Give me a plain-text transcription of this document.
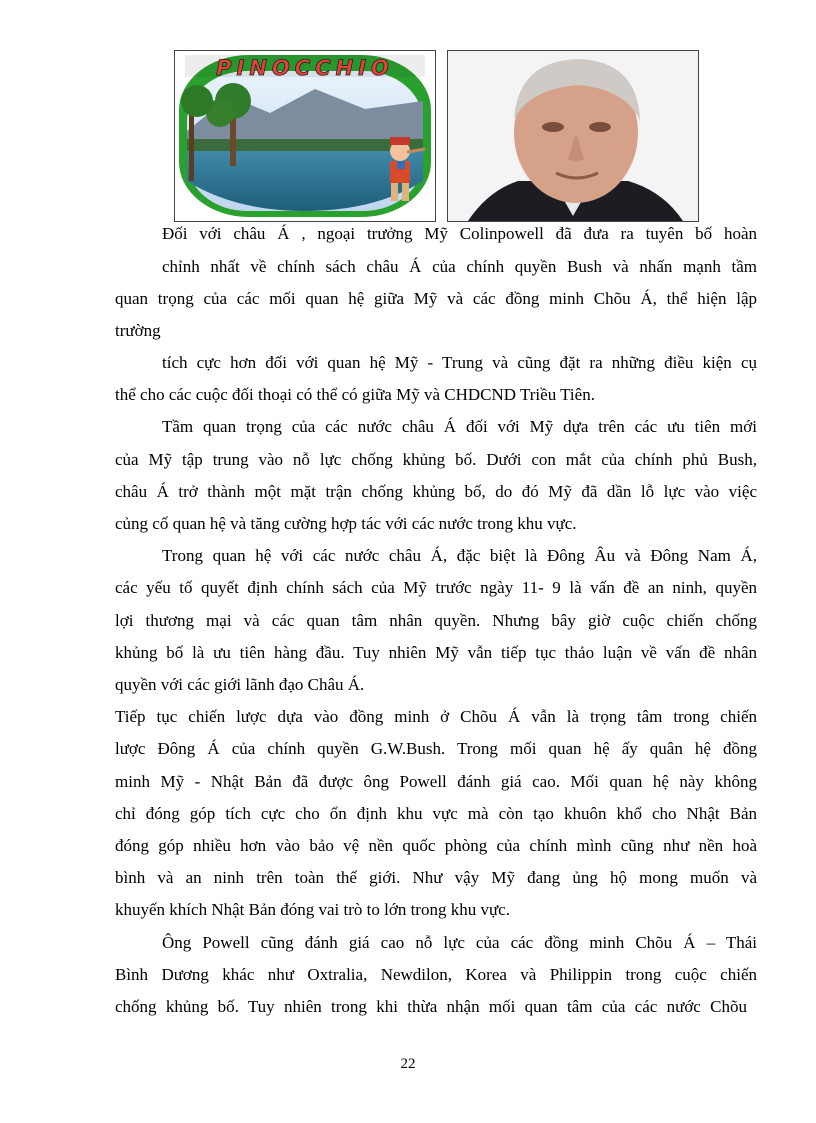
PINOCCHIO

Đối với châu Á , ngoại trưởng Mỹ Colinpowell đã đưa ra tuyên bố hoàn

chỉnh nhất về chính sách châu Á của chính quyền Bush và nhấn mạnh tầm

quan trọng của các mối quan hệ giữa Mỹ và các đồng minh Chõu Á, thể hiện lập

trường

tích cực hơn đối với quan hệ Mỹ - Trung và cũng đặt ra những điều kiện cụ

thể cho các cuộc đối thoại có thể có giữa Mỹ và CHDCND Triều Tiên.

Tầm quan trọng của các nước châu Á đối với Mỹ dựa trên các ưu tiên mới

của Mỹ tập trung vào nỗ lực chống khủng bố. Dưới con mắt của chính phủ Bush,

châu Á trở thành một mặt trận chống khủng bố, do đó Mỹ đã dần lỗ lực vào việc

củng cố quan hệ và tăng cường hợp tác với các nước trong khu vực.

Trong quan hệ với các nước châu Á, đặc biệt là Đông Âu và Đông Nam Á,

các yếu tố quyết định chính sách của Mỹ trước ngày 11- 9 là vấn đề an ninh, quyền

lợi thương mại và các quan tâm nhân quyền. Nhưng bây giờ cuộc chiến chống

khủng bố là ưu tiên hàng đầu. Tuy nhiên Mỹ vẫn tiếp tục thảo luận về vấn đề nhân

quyền với các giới lãnh đạo Châu Á.

Tiếp tục chiến lược dựa vào đồng minh ở Chõu Á vẫn là trọng tâm trong chiến

lược Đông Á của chính quyền G.W.Bush. Trong mối quan hệ ấy quân hệ đồng

minh Mỹ - Nhật Bản đã được ông Powell đánh giá cao. Mối quan hệ này không

chỉ đóng góp tích cực cho ổn định khu vực mà còn tạo khuôn khổ cho Nhật Bản

đóng góp nhiều hơn vào bảo vệ nền quốc phòng của chính mình cũng như nền hoà

bình và an ninh trên toàn thế giới. Như vậy Mỹ đang ủng hộ mong muốn và

khuyến khích Nhật Bản đóng vai trò to lớn trong khu vực.

Ông Powell cũng đánh giá cao nỗ lực của các đồng minh Chõu Á – Thái

Bình Dương khác như Oxtralia, Newdilon, Korea và Philippin trong cuộc chiến

chống khủng bố. Tuy nhiên trong khi thừa nhận mối quan tâm của các nước Chõu

22
